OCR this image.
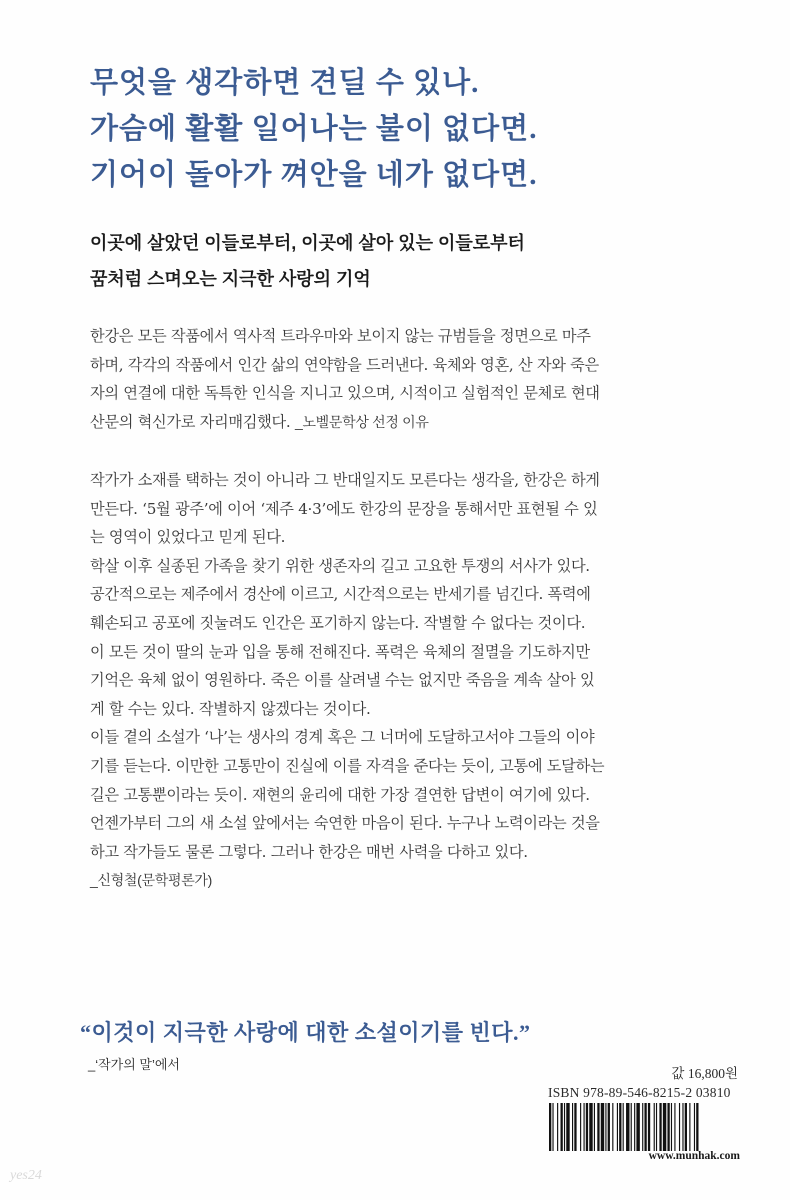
무엇을 생각하면 견딜 수 있나.
가슴에 활활 일어나는 불이 없다면.
기어이 돌아가 껴안을 네가 없다면.
이곳에 살았던 이들로부터, 이곳에 살아 있는 이들로부터
꿈처럼 스며오는 지극한 사랑의 기억
한강은 모든 작품에서 역사적 트라우마와 보이지 않는 규범들을 정면으로 마주
하며, 각각의 작품에서 인간 삶의 연약함을 드러낸다. 육체와 영혼, 산 자와 죽은
자의 연결에 대한 독특한 인식을 지니고 있으며, 시적이고 실험적인 문체로 현대
산문의 혁신가로 자리매김했다. _노벨문학상 선정 이유
작가가 소재를 택하는 것이 아니라 그 반대일지도 모른다는 생각을, 한강은 하게
만든다. ‘5월 광주’에 이어 ‘제주 4·3’에도 한강의 문장을 통해서만 표현될 수 있
는 영역이 있었다고 믿게 된다.
학살 이후 실종된 가족을 찾기 위한 생존자의 길고 고요한 투쟁의 서사가 있다.
공간적으로는 제주에서 경산에 이르고, 시간적으로는 반세기를 넘긴다. 폭력에
훼손되고 공포에 짓눌려도 인간은 포기하지 않는다. 작별할 수 없다는 것이다.
이 모든 것이 딸의 눈과 입을 통해 전해진다. 폭력은 육체의 절멸을 기도하지만
기억은 육체 없이 영원하다. 죽은 이를 살려낼 수는 없지만 죽음을 계속 살아 있
게 할 수는 있다. 작별하지 않겠다는 것이다.
이들 곁의 소설가 ‘나’는 생사의 경계 혹은 그 너머에 도달하고서야 그들의 이야
기를 듣는다. 이만한 고통만이 진실에 이를 자격을 준다는 듯이, 고통에 도달하는
길은 고통뿐이라는 듯이. 재현의 윤리에 대한 가장 결연한 답변이 여기에 있다.
언젠가부터 그의 새 소설 앞에서는 숙연한 마음이 된다. 누구나 노력이라는 것을
하고 작가들도 물론 그렇다. 그러나 한강은 매번 사력을 다하고 있다.
_신형철(문학평론가)
“이것이 지극한 사랑에 대한 소설이기를 빈다.”
_‘작가의 말’에서
값 16,800원
ISBN 978-89-546-8215-2 03810
www.munhak.com
yes24
